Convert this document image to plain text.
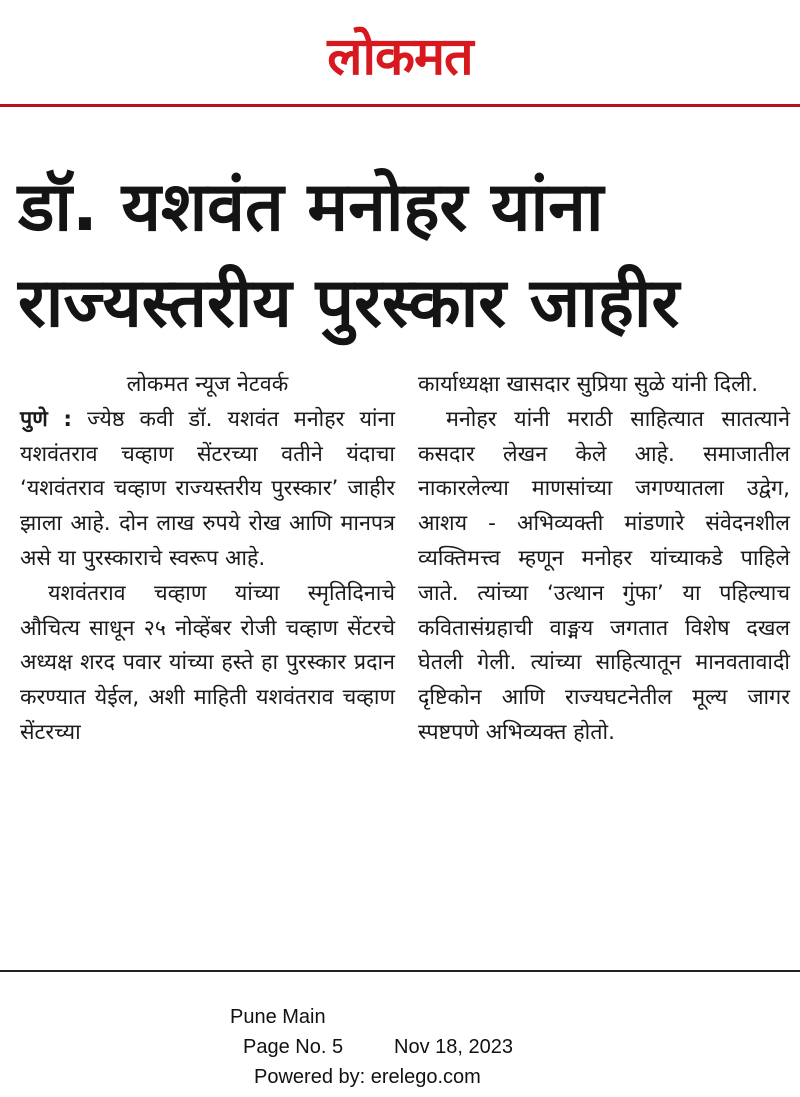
लोकमत
डॉ. यशवंत मनोहर यांना
राज्यस्तरीय पुरस्कार जाहीर

लोकमत न्यूज नेटवर्क

पुणे : ज्येष्ठ कवी डॉ. यशवंत मनोहर यांना यशवंतराव चव्हाण सेंटरच्या वतीने यंदाचा ‘यशवंतराव चव्हाण राज्यस्तरीय पुरस्कार’ जाहीर झाला आहे. दोन लाख रुपये रोख आणि मानपत्र असे या पुरस्काराचे स्वरूप आहे.

यशवंतराव चव्हाण यांच्या स्मृतिदिनाचे औचित्य साधून २५ नोव्हेंबर रोजी चव्हाण सेंटरचे अध्यक्ष शरद पवार यांच्या हस्ते हा पुरस्कार प्रदान करण्यात येईल, अशी माहिती यशवंतराव चव्हाण सेंटरच्या

कार्याध्यक्षा खासदार सुप्रिया सुळे यांनी दिली.

मनोहर यांनी मराठी साहित्यात सातत्याने कसदार लेखन केले आहे. समाजातील नाकारलेल्या माणसांच्या जगण्यातला उद्वेग, आशय - अभिव्यक्ती मांडणारे संवेदनशील व्यक्तिमत्त्व म्हणून मनोहर यांच्याकडे पाहिले जाते. त्यांच्या ‘उत्थान गुंफा’ या पहिल्याच कवितासंग्रहाची वाङ्मय जगतात विशेष दखल घेतली गेली. त्यांच्या साहित्यातून मानवतावादी दृष्टिकोन आणि राज्यघटनेतील मूल्य जागर स्पष्टपणे अभिव्यक्त होतो.

Pune Main
Page No. 5	Nov 18, 2023
Powered by: erelego.com
